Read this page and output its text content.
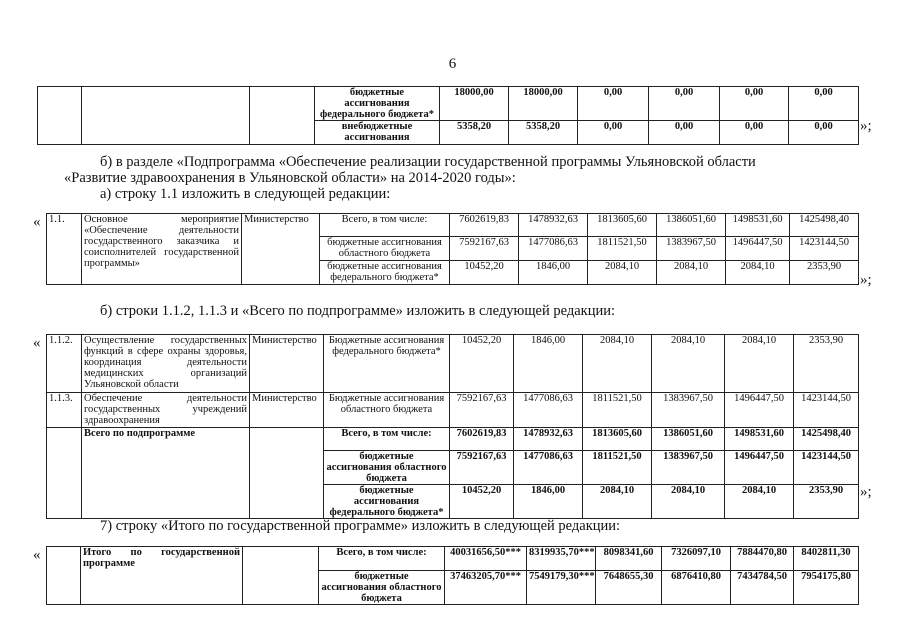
6
			бюджетные ассигнования федерального бюджета*	18000,00	18000,00	0,00	0,00	0,00	0,00
			внебюджетные ассигнования	5358,20	5358,20	0,00	0,00	0,00	0,00 »;
б) в разделе «Подпрограмма «Обеспечение реализации государственной программы Ульяновской области
«Развитие здравоохранения в Ульяновской области» на 2014-2020 годы»:
а) строку 1.1 изложить в следующей редакции:
« 1.1.	Основное мероприятие «Обеспечение деятельности государственного заказчика и соисполнителей государственной программы»	Министерство	Всего, в том числе:	7602619,83	1478932,63	1813605,60	1386051,60	1498531,60	1425498,40
			бюджетные ассигнования областного бюджета	7592167,63	1477086,63	1811521,50	1383967,50	1496447,50	1423144,50
			бюджетные ассигнования федерального бюджета*	10452,20	1846,00	2084,10	2084,10	2084,10	2353,90
»;
б) строки 1.1.2, 1.1.3 и «Всего по подпрограмме» изложить в следующей редакции:
« 1.1.2.	Осуществление государственных функций в сфере охраны здоровья, координация деятельности медицинских организаций Ульяновской области	Министерство	Бюджетные ассигнования федерального бюджета*	10452,20	1846,00	2084,10	2084,10	2084,10	2353,90
1.1.3.	Обеспечение деятельности государственных учреждений здравоохранения	Министерство	Бюджетные ассигнования областного бюджета	7592167,63	1477086,63	1811521,50	1383967,50	1496447,50	1423144,50
	Всего по подпрограмме		Всего, в том числе:	7602619,83	1478932,63	1813605,60	1386051,60	1498531,60	1425498,40
			бюджетные ассигнования областного бюджета	7592167,63	1477086,63	1811521,50	1383967,50	1496447,50	1423144,50
			бюджетные ассигнования федерального бюджета*	10452,20	1846,00	2084,10	2084,10	2084,10	2353,90 »;
7) строку «Итого по государственной программе» изложить в следующей редакции:
«
		Итого по государственной программе		Всего, в том числе:	40031656,50***	8319935,70***	8098341,60	7326097,10	7884470,80	8402811,30
			бюджетные ассигнования областного бюджета	37463205,70***	7549179,30***	7648655,30	6876410,80	7434784,50	7954175,80
